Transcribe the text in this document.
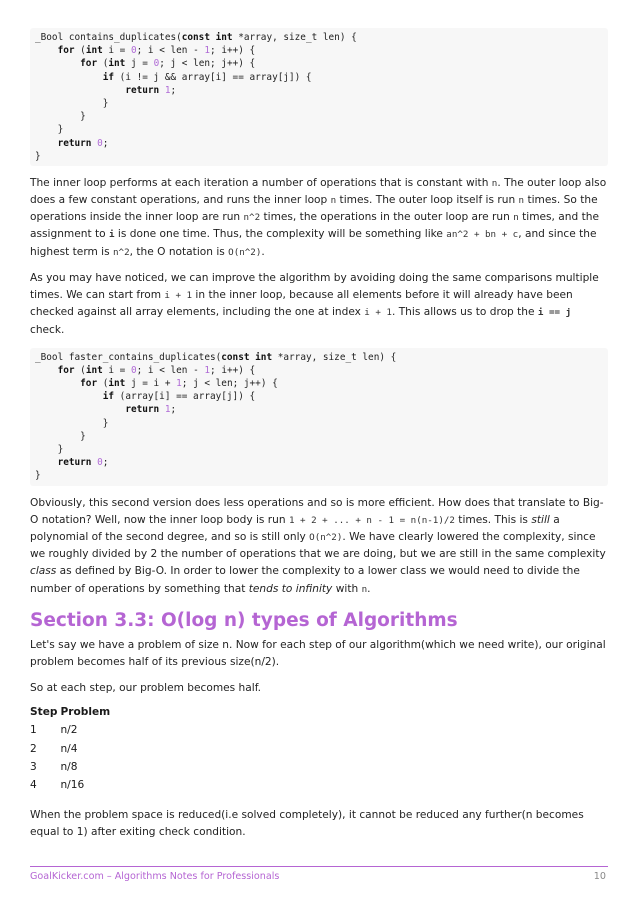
_Bool contains_duplicates(const int *array, size_t len) {
for (int i = 0; i < len - 1; i++) {
for (int j = 0; j < len; j++) {
if (i != j && array[i] == array[j]) {
return 1;
}
}
}
return 0;
}

The inner loop performs at each iteration a number of operations that is constant with n. The outer loop also does a few constant operations, and runs the inner loop n times. The outer loop itself is run n times. So the operations inside the inner loop are run n^2 times, the operations in the outer loop are run n times, and the assignment to i is done one time. Thus, the complexity will be something like an^2 + bn + c, and since the highest term is n^2, the O notation is O(n^2).

As you may have noticed, we can improve the algorithm by avoiding doing the same comparisons multiple times. We can start from i + 1 in the inner loop, because all elements before it will already have been checked against all array elements, including the one at index i + 1. This allows us to drop the i == j check.

_Bool faster_contains_duplicates(const int *array, size_t len) {
for (int i = 0; i < len - 1; i++) {
for (int j = i + 1; j < len; j++) {
if (array[i] == array[j]) {
return 1;
}
}
}
return 0;
}

Obviously, this second version does less operations and so is more efficient. How does that translate to Big-O notation? Well, now the inner loop body is run 1 + 2 + ... + n - 1 = n(n-1)/2 times. This is still a polynomial of the second degree, and so is still only O(n^2). We have clearly lowered the complexity, since we roughly divided by 2 the number of operations that we are doing, but we are still in the same complexity class as defined by Big-O. In order to lower the complexity to a lower class we would need to divide the number of operations by something that tends to infinity with n.

Section 3.3: O(log n) types of Algorithms

Let's say we have a problem of size n. Now for each step of our algorithm(which we need write), our original problem becomes half of its previous size(n/2).

So at each step, our problem becomes half.

Step	Problem
1	n/2
2	n/4
3	n/8
4	n/16

When the problem space is reduced(i.e solved completely), it cannot be reduced any further(n becomes equal to 1) after exiting check condition.

GoalKicker.com – Algorithms Notes for Professionals	10
